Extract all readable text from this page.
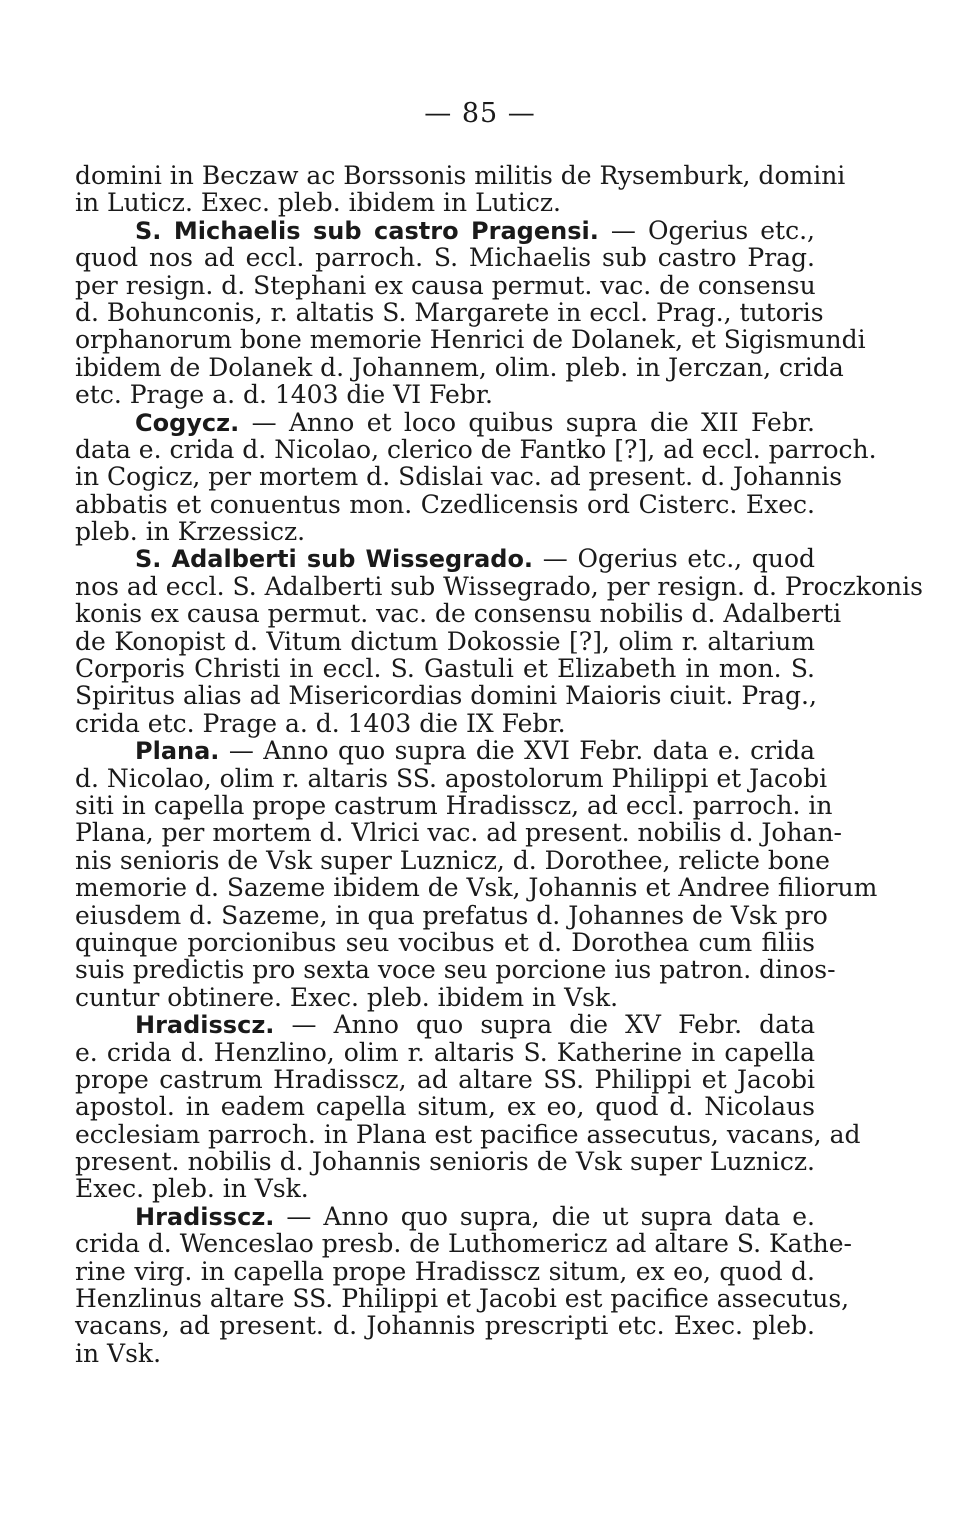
— 85 —
domini in Beczaw ac Borssonis militis de Rysemburk, domini
in Luticz. Exec. pleb. ibidem in Luticz.
S. Michaelis sub castro Pragensi. — Ogerius etc.,
quod nos ad eccl. parroch. S. Michaelis sub castro Prag.
per resign. d. Stephani ex causa permut. vac. de consensu
d. Bohunconis, r. altatis S. Margarete in eccl. Prag., tutoris
orphanorum bone memorie Henrici de Dolanek, et Sigismundi
ibidem de Dolanek d. Johannem, olim. pleb. in Jerczan, crida
etc. Prage a. d. 1403 die VI Febr.
Cogycz. — Anno et loco quibus supra die XII Febr.
data e. crida d. Nicolao, clerico de Fantko [?], ad eccl. parroch.
in Cogicz, per mortem d. Sdislai vac. ad present. d. Johannis
abbatis et conuentus mon. Czedlicensis ord Cisterc. Exec.
pleb. in Krzessicz.
S. Adalberti sub Wissegrado. — Ogerius etc., quod
nos ad eccl. S. Adalberti sub Wissegrado, per resign. d. Proczkonis
konis ex causa permut. vac. de consensu nobilis d. Adalberti
de Konopist d. Vitum dictum Dokossie [?], olim r. altarium
Corporis Christi in eccl. S. Gastuli et Elizabeth in mon. S.
Spiritus alias ad Misericordias domini Maioris ciuit. Prag.,
crida etc. Prage a. d. 1403 die IX Febr.
Plana. — Anno quo supra die XVI Febr. data e. crida
d. Nicolao, olim r. altaris SS. apostolorum Philippi et Jacobi
siti in capella prope castrum Hradissсz, ad eccl. parroch. in
Plana, per mortem d. Vlrici vac. ad present. nobilis d. Johan-
nis senioris de Vsk super Luznicz, d. Dorothee, relicte bone
memorie d. Sazeme ibidem de Vsk, Johannis et Andree filiorum
eiusdem d. Sazeme, in qua prefatus d. Johannes de Vsk pro
quinque porcionibus seu vocibus et d. Dorothea cum filiis
suis predictis pro sexta voce seu porcione ius patron. dinos-
cuntur obtinere. Exec. pleb. ibidem in Vsk.
Hradisscz. — Anno quo supra die XV Febr. data
e. crida d. Henzlino, olim r. altaris S. Katherine in capella
prope castrum Hradisscz, ad altare SS. Philippi et Jacobi
apostol. in eadem capella situm, ex eo, quod d. Nicolaus
ecclesiam parroch. in Plana est pacifice assecutus, vacans, ad
present. nobilis d. Johannis senioris de Vsk super Luznicz.
Exec. pleb. in Vsk.
Hradisscz. — Anno quo supra, die ut supra data e.
crida d. Wenceslao presb. de Luthomericz ad altare S. Kathe-
rine virg. in capella prope Hradisscz situm, ex eo, quod d.
Henzlinus altare SS. Philippi et Jacobi est pacifice assecutus,
vacans, ad present. d. Johannis prescripti etc. Exec. pleb.
in Vsk.
